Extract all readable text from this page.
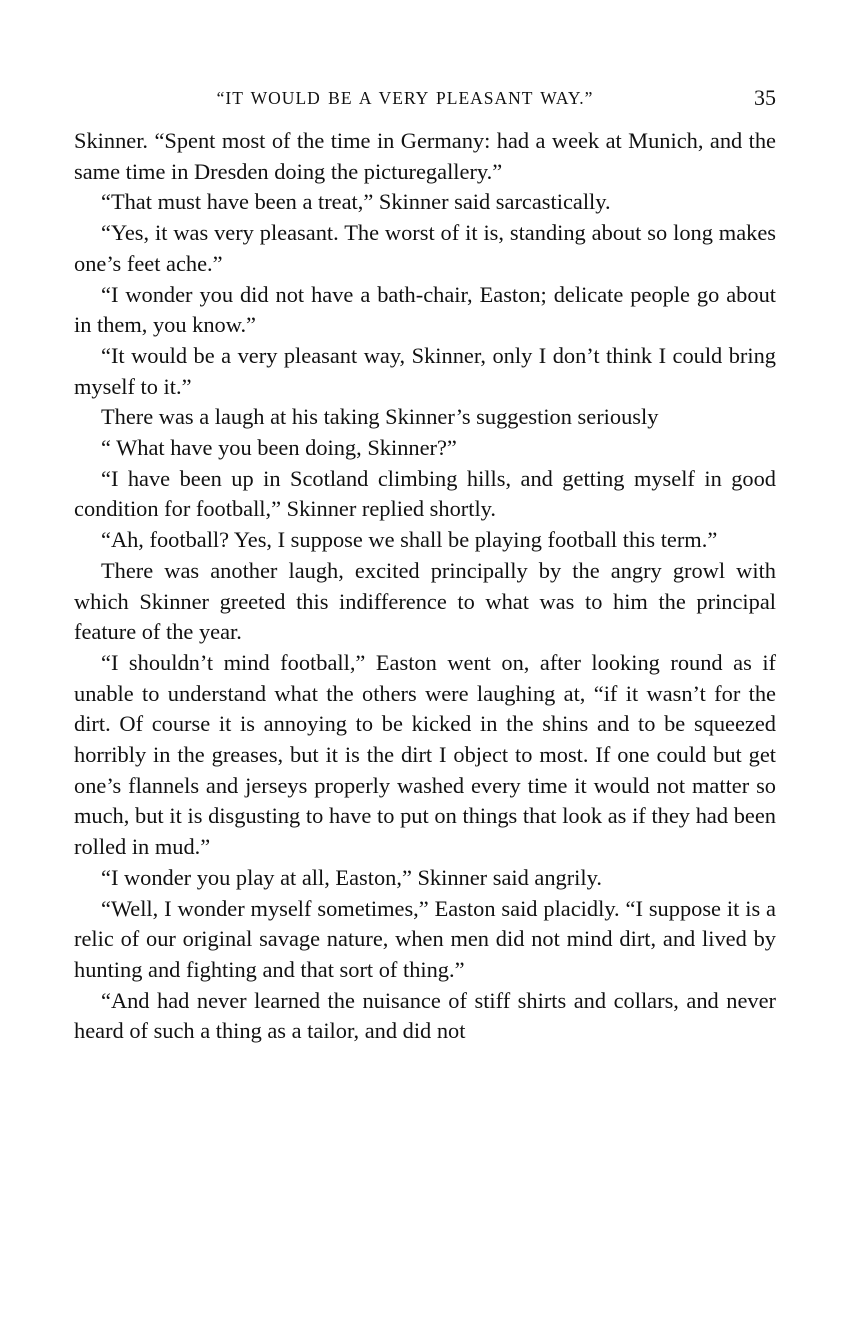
“IT WOULD BE A VERY PLEASANT WAY.”	35

Skinner. “Spent most of the time in Germany: had a week at Munich, and the same time in Dresden doing the picturegallery.”

“That must have been a treat,” Skinner said sarcastically.

“Yes, it was very pleasant. The worst of it is, standing about so long makes one’s feet ache.”

“I wonder you did not have a bath-chair, Easton; delicate people go about in them, you know.”

“It would be a very pleasant way, Skinner, only I don’t think I could bring myself to it.”

There was a laugh at his taking Skinner’s suggestion seriously

“ What have you been doing, Skinner?”

“I have been up in Scotland climbing hills, and getting myself in good condition for football,” Skinner replied shortly.

“Ah, football? Yes, I suppose we shall be playing football this term.”

There was another laugh, excited principally by the angry growl with which Skinner greeted this indifference to what was to him the principal feature of the year.

“I shouldn’t mind football,” Easton went on, after looking round as if unable to understand what the others were laughing at, “if it wasn’t for the dirt. Of course it is annoying to be kicked in the shins and to be squeezed horribly in the greases, but it is the dirt I object to most. If one could but get one’s flannels and jerseys properly washed every time it would not matter so much, but it is disgusting to have to put on things that look as if they had been rolled in mud.”

“I wonder you play at all, Easton,” Skinner said angrily.

“Well, I wonder myself sometimes,” Easton said placidly. “I suppose it is a relic of our original savage nature, when men did not mind dirt, and lived by hunting and fighting and that sort of thing.”

“And had never learned the nuisance of stiff shirts and collars, and never heard of such a thing as a tailor, and did not
